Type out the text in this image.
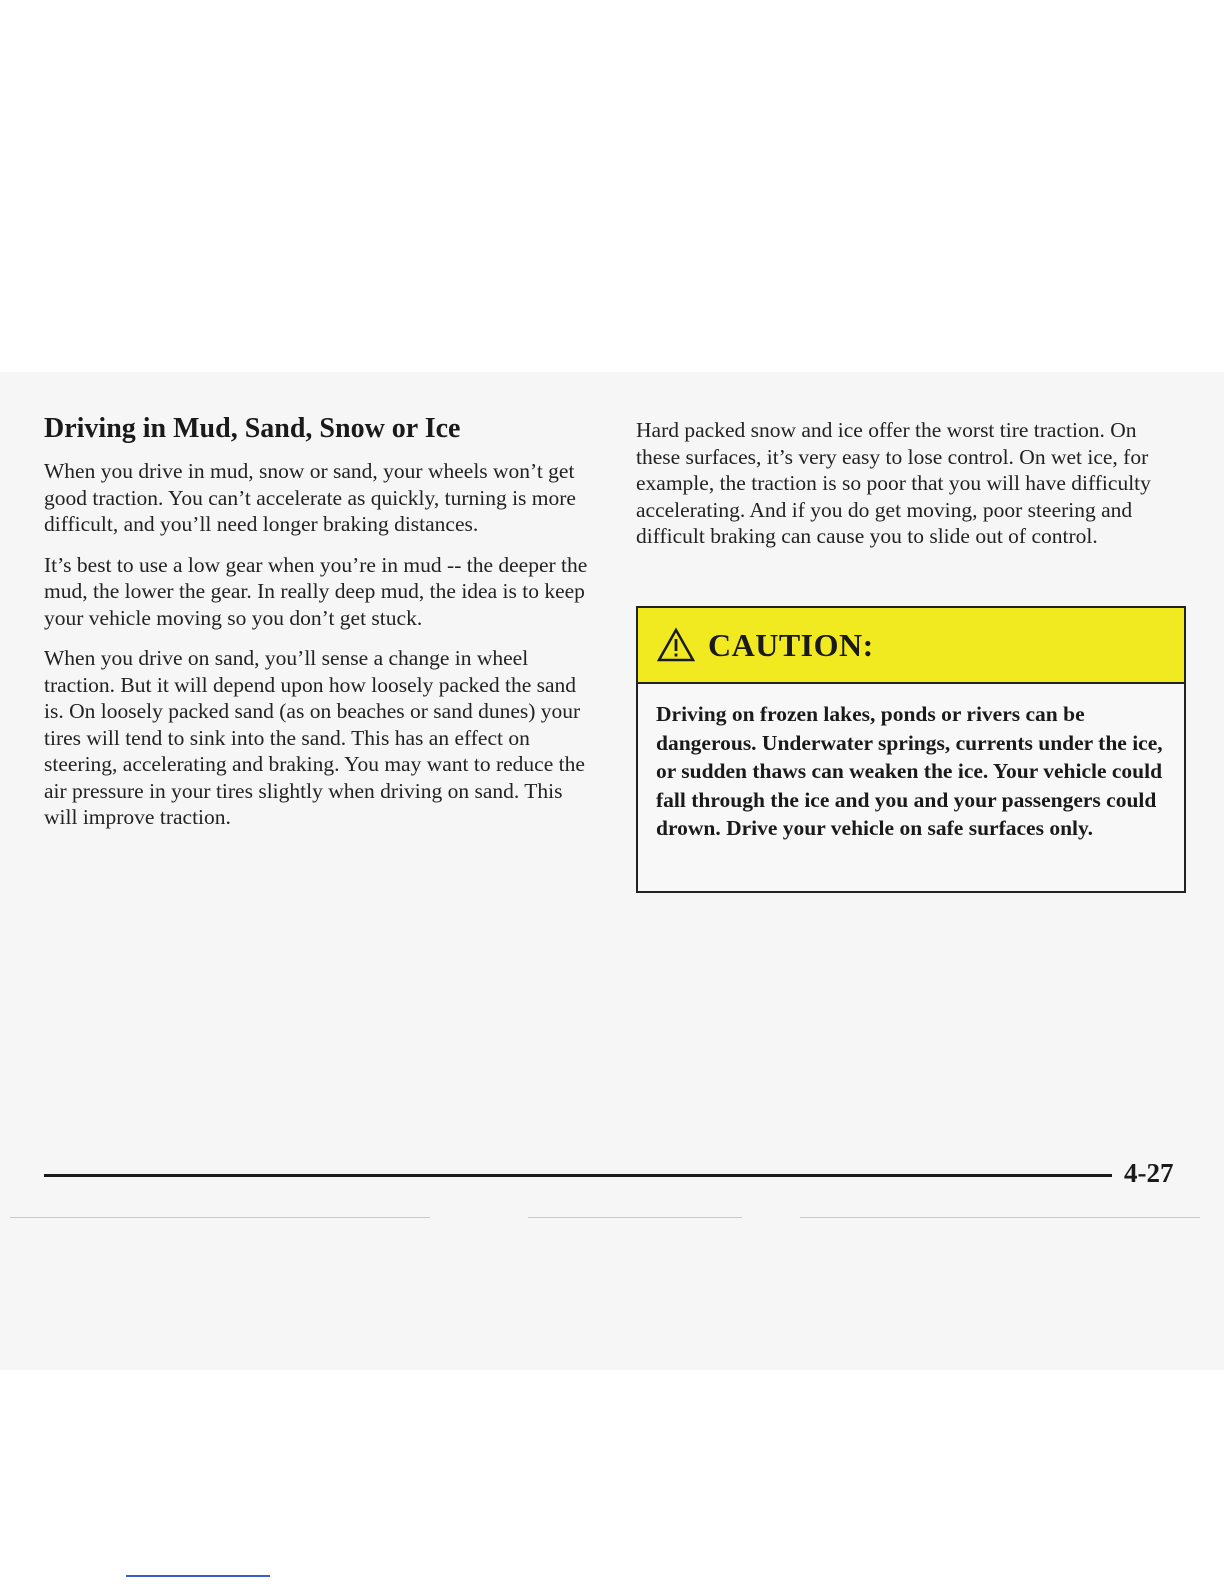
Driving in Mud, Sand, Snow or Ice

When you drive in mud, snow or sand, your wheels won’t get good traction. You can’t accelerate as quickly, turning is more difficult, and you’ll need longer braking distances.

It’s best to use a low gear when you’re in mud -- the deeper the mud, the lower the gear. In really deep mud, the idea is to keep your vehicle moving so you don’t get stuck.

When you drive on sand, you’ll sense a change in wheel traction. But it will depend upon how loosely packed the sand is. On loosely packed sand (as on beaches or sand dunes) your tires will tend to sink into the sand. This has an effect on steering, accelerating and braking. You may want to reduce the air pressure in your tires slightly when driving on sand. This will improve traction.

Hard packed snow and ice offer the worst tire traction. On these surfaces, it’s very easy to lose control. On wet ice, for example, the traction is so poor that you will have difficulty accelerating. And if you do get moving, poor steering and difficult braking can cause you to slide out of control.

CAUTION:
Driving on frozen lakes, ponds or rivers can be dangerous. Underwater springs, currents under the ice, or sudden thaws can weaken the ice. Your vehicle could fall through the ice and you and your passengers could drown. Drive your vehicle on safe surfaces only.
4-27
